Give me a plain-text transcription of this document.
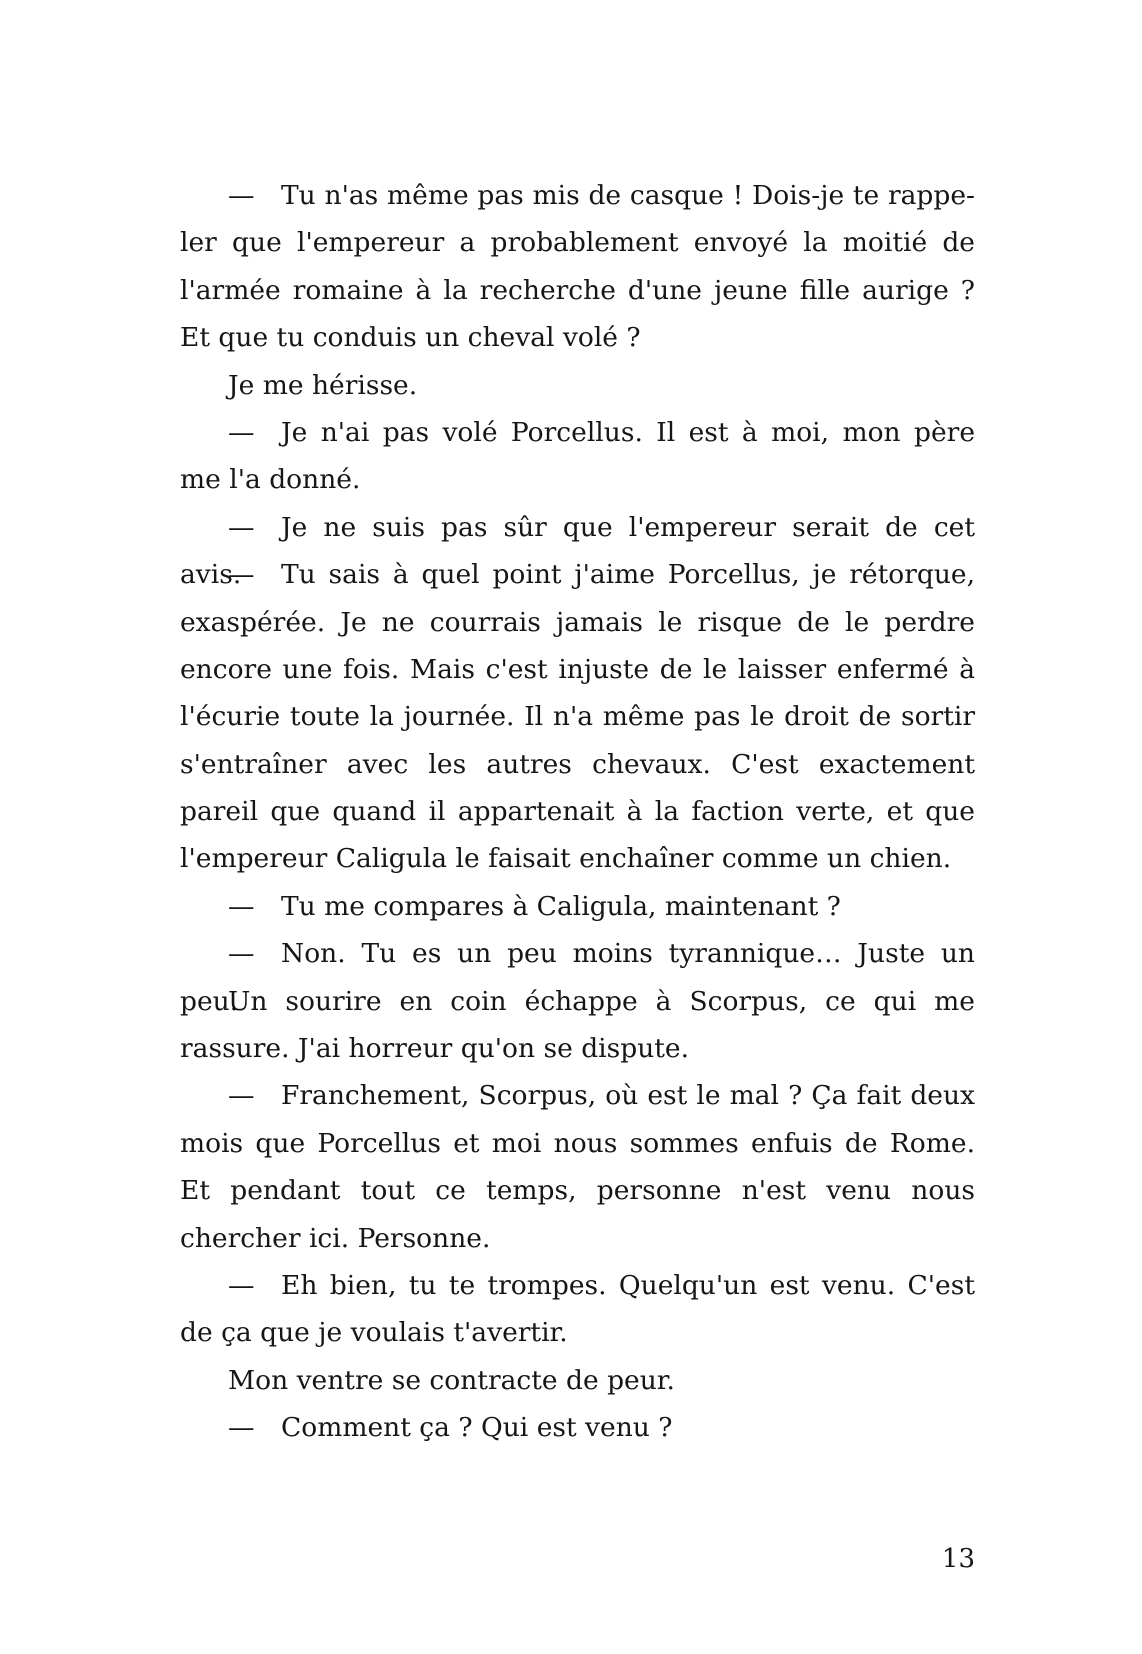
— Tu n'as même pas mis de casque ! Dois-je te rappe-
ler que l'empereur a probablement envoyé la moitié de
l'armée romaine à la recherche d'une jeune fille aurige ?
Et que tu conduis un cheval volé ?
Je me hérisse.
— Je n'ai pas volé Porcellus. Il est à moi, mon père
me l'a donné.
— Je ne suis pas sûr que l'empereur serait de cet avis.
— Tu sais à quel point j'aime Porcellus, je rétorque,
exaspérée. Je ne courrais jamais le risque de le perdre
encore une fois. Mais c'est injuste de le laisser enfermé à
l'écurie toute la journée. Il n'a même pas le droit de sortir
s'entraîner avec les autres chevaux. C'est exactement
pareil que quand il appartenait à la faction verte, et que
l'empereur Caligula le faisait enchaîner comme un chien.
— Tu me compares à Caligula, maintenant ?
— Non. Tu es un peu moins tyrannique… Juste un peu.
Un sourire en coin échappe à Scorpus, ce qui me
rassure. J'ai horreur qu'on se dispute.
— Franchement, Scorpus, où est le mal ? Ça fait deux
mois que Porcellus et moi nous sommes enfuis de Rome.
Et pendant tout ce temps, personne n'est venu nous
chercher ici. Personne.
— Eh bien, tu te trompes. Quelqu'un est venu. C'est
de ça que je voulais t'avertir.
Mon ventre se contracte de peur.
— Comment ça ? Qui est venu ?
13
